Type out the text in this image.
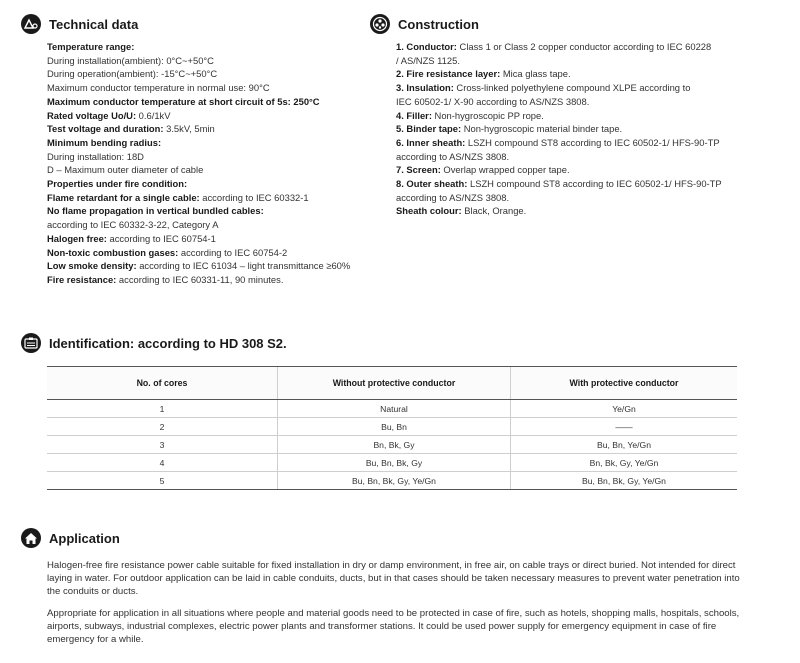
Technical data
Temperature range:
During installation(ambient): 0°C~+50°C
During operation(ambient): -15°C~+50°C
Maximum conductor temperature in normal use: 90°C
Maximum conductor temperature at short circuit of 5s: 250°C
Rated voltage Uo/U: 0.6/1kV
Test voltage and duration: 3.5kV, 5min
Minimum bending radius:
During installation: 18D
D – Maximum outer diameter of cable
Properties under fire condition:
Flame retardant for a single cable: according to IEC 60332-1
No flame propagation in vertical bundled cables:
according to IEC 60332-3-22, Category A
Halogen free: according to IEC 60754-1
Non-toxic combustion gases: according to IEC 60754-2
Low smoke density: according to IEC 61034 – light transmittance ≥60%
Fire resistance: according to IEC 60331-11, 90 minutes.
Construction
1. Conductor: Class 1 or Class 2 copper conductor according to IEC 60228
/ AS/NZS 1125.
2. Fire resistance layer: Mica glass tape.
3. Insulation: Cross-linked polyethylene compound XLPE according to
IEC 60502-1/ X-90 according to AS/NZS 3808.
4. Filler: Non-hygroscopic PP rope.
5. Binder tape: Non-hygroscopic material binder tape.
6. Inner sheath: LSZH compound ST8 according to IEC 60502-1/ HFS-90-TP
according to AS/NZS 3808.
7. Screen: Overlap wrapped copper tape.
8. Outer sheath: LSZH compound ST8 according to IEC 60502-1/ HFS-90-TP
according to AS/NZS 3808.
Sheath colour: Black, Orange.
Identification: according to HD 308 S2.
No. of cores	Without protective conductor	With protective conductor
1	Natural	Ye/Gn
2	Bu, Bn	——
3	Bn, Bk, Gy	Bu, Bn, Ye/Gn
4	Bu, Bn, Bk, Gy	Bn, Bk, Gy, Ye/Gn
5	Bu, Bn, Bk, Gy, Ye/Gn	Bu, Bn, Bk, Gy, Ye/Gn
Application
Halogen-free fire resistance power cable suitable for fixed installation in dry or damp environment, in free air, on cable trays or direct buried. Not intended for direct laying in water. For outdoor application can be laid in cable conduits, ducts, but in that cases should be taken necessary measures to prevent water penetration into the conduits or ducts.
Appropriate for application in all situations where people and material goods need to be protected in case of fire, such as hotels, shopping malls, hospitals, schools, airports, subways, industrial complexes, electric power plants and transformer stations. It could be used power supply for emergency equipment in case of fire emergency for a while.
